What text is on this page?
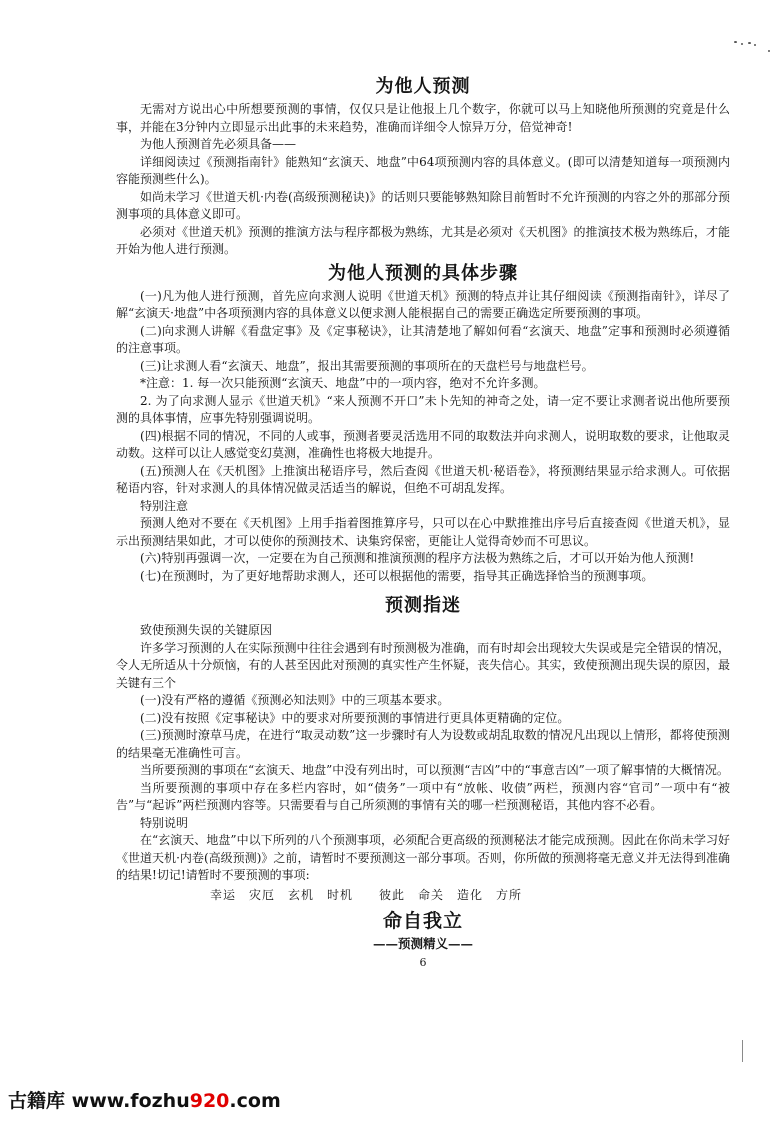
为他人预测

无需对方说出心中所想要预测的事情，仅仅只是让他报上几个数字，你就可以马上知晓他所预测的究竟是什么事，并能在3分钟内立即显示出此事的未来趋势，准确而详细令人惊异万分，倍觉神奇!

为他人预测首先必须具备——

详细阅读过《预测指南针》能熟知“玄演天、地盘”中64项预测内容的具体意义。(即可以清楚知道每一项预测内容能预测些什么)。

如尚未学习《世道天机·内卷(高级预测秘诀)》的话则只要能够熟知除目前暂时不允许预测的内容之外的那部分预测事项的具体意义即可。

必须对《世道天机》预测的推演方法与程序都极为熟练，尤其是必须对《天机图》的推演技术极为熟练后，才能开始为他人进行预测。

为他人预测的具体步骤

(一)凡为他人进行预测，首先应向求测人说明《世道天机》预测的特点并让其仔细阅读《预测指南针》，详尽了解“玄演天·地盘”中各项预测内容的具体意义以便求测人能根据自己的需要正确选定所要预测的事项。

(二)向求测人讲解《看盘定事》及《定事秘诀》，让其清楚地了解如何看“玄演天、地盘”定事和预测时必须遵循的注意事项。

(三)让求测人看“玄演天、地盘”，报出其需要预测的事项所在的天盘栏号与地盘栏号。

*注意：1. 每一次只能预测“玄演天、地盘”中的一项内容，绝对不允许多测。

2. 为了向求测人显示《世道天机》“来人预测不开口”未卜先知的神奇之处，请一定不要让求测者说出他所要预测的具体事情，应事先特别强调说明。

(四)根据不同的情况，不同的人或事，预测者要灵活选用不同的取数法并向求测人，说明取数的要求，让他取灵动数。这样可以让人感觉变幻莫测，准确性也将极大地提升。

(五)预测人在《天机图》上推演出秘语序号，然后查阅《世道天机·秘语卷》，将预测结果显示给求测人。可依据秘语内容，针对求测人的具体情况做灵活适当的解说，但绝不可胡乱发挥。

特别注意

预测人绝对不要在《天机图》上用手指着图推算序号，只可以在心中默推推出序号后直接查阅《世道天机》，显示出预测结果如此，才可以使你的预测技术、诀集窍保密，更能让人觉得奇妙而不可思议。

(六)特别再强调一次，一定要在为自己预测和推演预测的程序方法极为熟练之后，才可以开始为他人预测!

(七)在预测时，为了更好地帮助求测人，还可以根据他的需要，指导其正确选择恰当的预测事项。

预测指迷

致使预测失误的关键原因

许多学习预测的人在实际预测中往往会遇到有时预测极为准确，而有时却会出现较大失误或是完全错误的情况，令人无所适从十分烦恼，有的人甚至因此对预测的真实性产生怀疑，丧失信心。其实，致使预测出现失误的原因，最关键有三个

(一)没有严格的遵循《预测必知法则》中的三项基本要求。

(二)没有按照《定事秘诀》中的要求对所要预测的事情进行更具体更精确的定位。

(三)预测时潦草马虎，在进行“取灵动数”这一步骤时有人为设数或胡乱取数的情况凡出现以上情形，都将使预测的结果毫无准确性可言。

当所要预测的事项在“玄演天、地盘”中没有列出时，可以预测“吉凶”中的“事意吉凶”一项了解事情的大概情况。

当所要预测的事项中存在多栏内容时，如“债务”一项中有“放帐、收债”两栏，预测内容“官司”一项中有“被告”与“起诉”两栏预测内容等。只需要看与自己所须测的事情有关的哪一栏预测秘语，其他内容不必看。

特别说明

在“玄演天、地盘”中以下所列的八个预测事项，必须配合更高级的预测秘法才能完成预测。因此在你尚未学习好《世道天机·内卷(高级预测)》之前，请暂时不要预测这一部分事项。否则，你所做的预测将毫无意义并无法得到准确的结果!切记!请暂时不要预测的事项:

幸运　灾厄　玄机　时机　　彼此　命关　造化　方所

命自我立
——预测精义——
6
古籍库 www.fozhu920.com
